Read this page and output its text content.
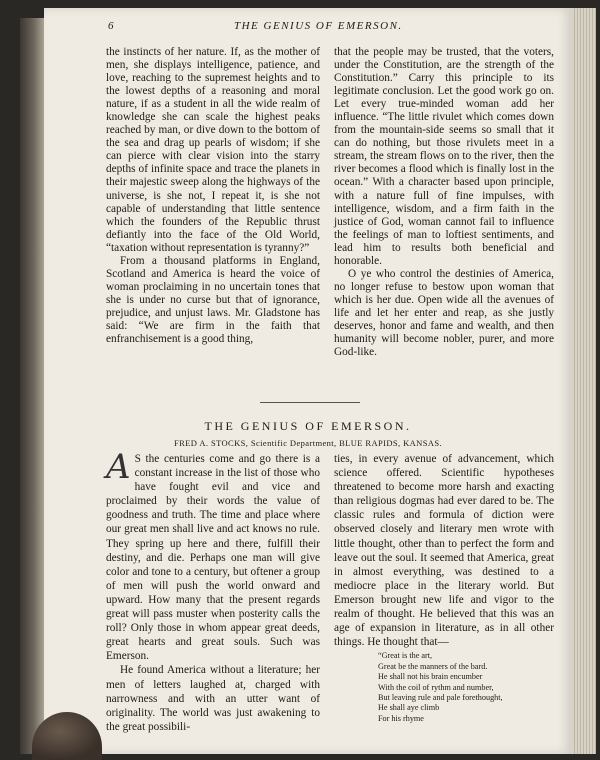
6	THE GENIUS OF EMERSON.

the instincts of her nature. If, as the mother of men, she displays intelligence, patience, and love, reaching to the supremest heights and to the lowest depths of a reasoning and moral nature, if as a student in all the wide realm of knowledge she can scale the highest peaks reached by man, or dive down to the bottom of the sea and drag up pearls of wisdom; if she can pierce with clear vision into the starry depths of infinite space and trace the planets in their majestic sweep along the highways of the universe, is she not, I repeat it, is she not capable of understanding that little sentence which the founders of the Republic thrust defiantly into the face of the Old World, “taxation without representation is tyranny?”

From a thousand platforms in England, Scotland and America is heard the voice of woman proclaiming in no uncertain tones that she is under no curse but that of ignorance, prejudice, and unjust laws. Mr. Gladstone has said: “We are firm in the faith that enfranchisement is a good thing,

that the people may be trusted, that the voters, under the Constitution, are the strength of the Constitution.” Carry this principle to its legitimate conclusion. Let the good work go on. Let every true-minded woman add her influence. “The little rivulet which comes down from the mountain-side seems so small that it can do nothing, but those rivulets meet in a stream, the stream flows on to the river, then the river becomes a flood which is finally lost in the ocean.” With a character based upon principle, with a nature full of fine impulses, with intelligence, wisdom, and a firm faith in the justice of God, woman cannot fail to influence the feelings of man to loftiest sentiments, and lead him to results both beneficial and honorable.

O ye who control the destinies of America, no longer refuse to bestow upon woman that which is her due. Open wide all the avenues of life and let her enter and reap, as she justly deserves, honor and fame and wealth, and then humanity will become nobler, purer, and more God-like.

THE GENIUS OF EMERSON.
FRED A. STOCKS, Scientific Department, BLUE RAPIDS, KANSAS.

A S the centuries come and go there is a constant increase in the list of those who have fought evil and vice and proclaimed by their words the value of goodness and truth. The time and place where our great men shall live and act knows no rule. They spring up here and there, fulfill their destiny, and die. Perhaps one man will give color and tone to a century, but oftener a group of men will push the world onward and upward. How many that the present regards great will pass muster when posterity calls the roll? Only those in whom appear great deeds, great hearts and great souls. Such was Emerson.

He found America without a literature; her men of letters laughed at, charged with narrowness and with an utter want of originality. The world was just awakening to the great possibili-

ties, in every avenue of advancement, which science offered. Scientific hypotheses threatened to become more harsh and exacting than religious dogmas had ever dared to be. The classic rules and formula of diction were observed closely and literary men wrote with little thought, other than to perfect the form and leave out the soul. It seemed that America, great in almost everything, was destined to a mediocre place in the literary world. But Emerson brought new life and vigor to the realm of thought. He believed that this was an age of expansion in literature, as in all other things. He thought that—

“Great is the art,
Great be the manners of the bard.
He shall not his brain encumber
With the coil of rythm and number,
But leaving rule and pale forethought,
He shall aye climb
For his rhyme
